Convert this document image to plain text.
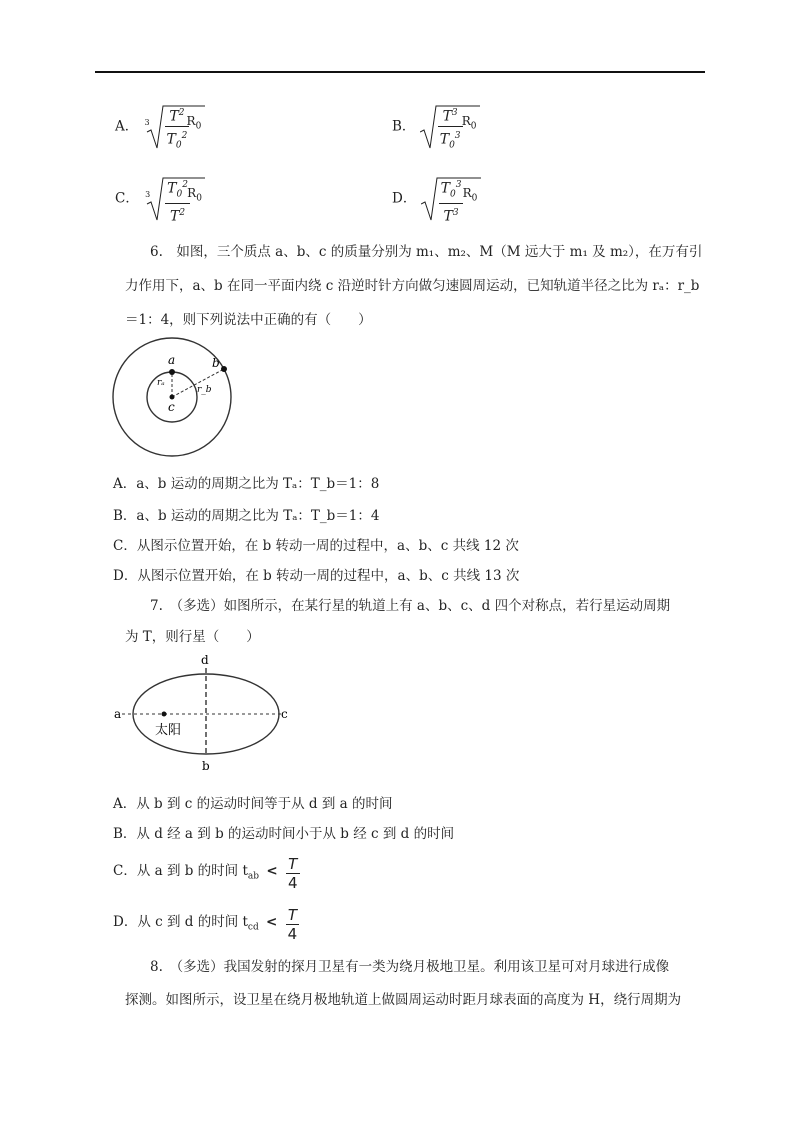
A． 3	$T^2$
$T_0^2$
$R_0$	B．
$T^3$
$T_0^3$
$R_0$
C． 3 $T_0^2$
$T^2$
$R_0$	D．
$T_0^3$
$T^3$
$R_0$
6.　如图，三个质点 a、b、c 的质量分别为 m₁、m₂、M（M 远大于 m₁ 及 m₂），在万有引
力作用下，a、b 在同一平面内绕 c 沿逆时针方向做匀速圆周运动，已知轨道半径之比为 rₐ：r_b
＝1：4，则下列说法中正确的有（　　）
a	b
c
rₐ
r_b
A．a、b 运动的周期之比为 Tₐ：T_b＝1：8
B．a、b 运动的周期之比为 Tₐ：T_b＝1：4
C．从图示位置开始，在 b 转动一周的过程中，a、b、c 共线 12 次
D．从图示位置开始，在 b 转动一周的过程中，a、b、c 共线 13 次
7.　（多选）如图所示，在某行星的轨道上有 a、b、c、d 四个对称点，若行星运动周期
为 T，则行星（　　）
d
a	c
b
太阳
A．从 b 到 c 的运动时间等于从 d 到 a 的时间
B．从 d 经 a 到 b 的运动时间小于从 b 经 c 到 d 的时间
C．从 a 到 b 的时间 $t_{ab} < \frac{T}{4}$
D．从 c 到 d 的时间 $t_{cd} < \frac{T}{4}$
8.　（多选）我国发射的探月卫星有一类为绕月极地卫星。利用该卫星可对月球进行成像
探测。如图所示，设卫星在绕月极地轨道上做圆周运动时距月球表面的高度为 H，绕行周期为
